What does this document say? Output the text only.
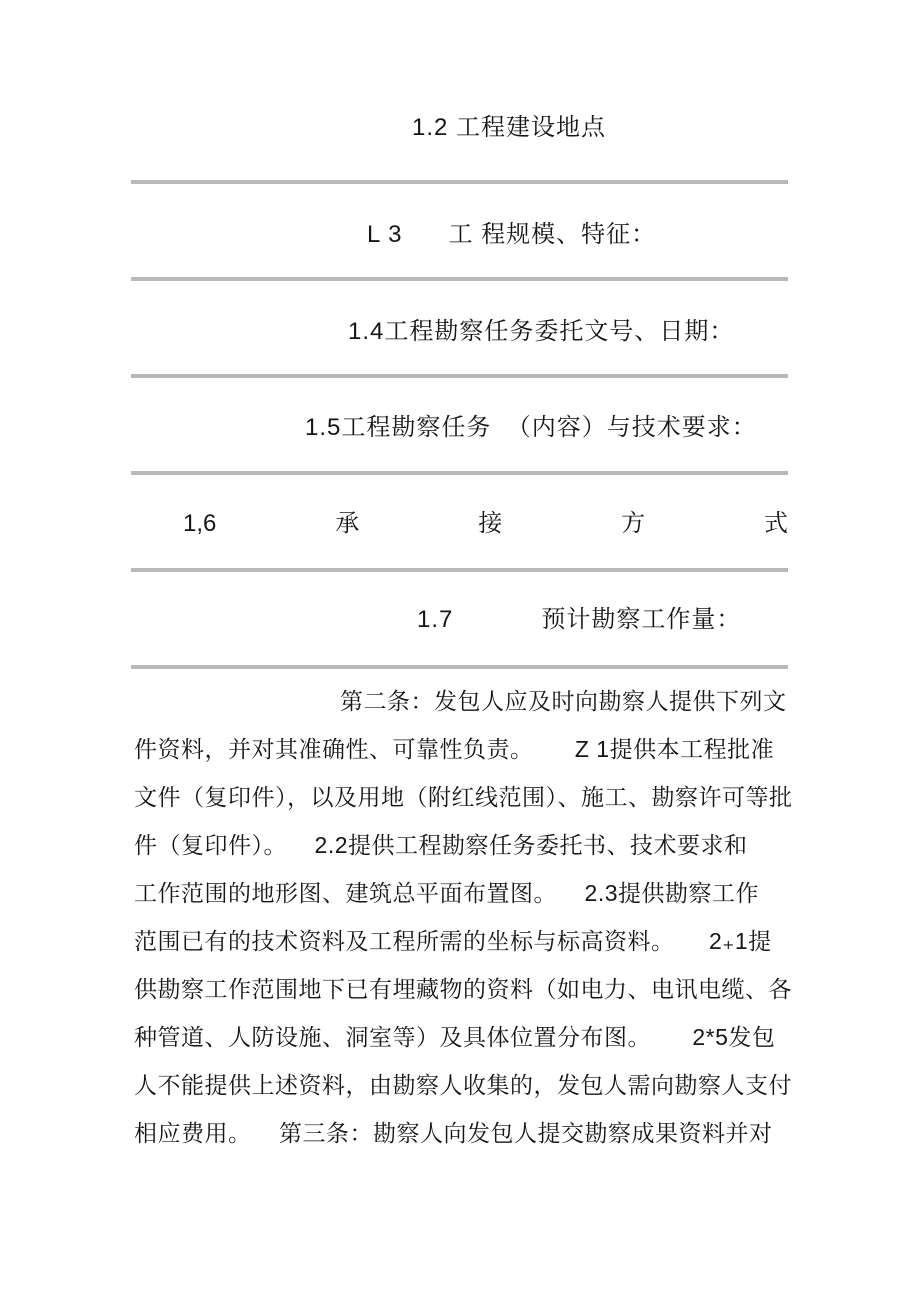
1.2 工程建设地点
L 3      工 程规模、特征：
1.4工程勘察任务委托文号、日期：
1.5工程勘察任务  （内容）与技术要求：
1,6	承	接	方	式
1.7	预计勘察工作量：
第二条：发包人应及时向勘察人提供下列文
件资料，并对其准确性、可靠性负责。      Z 1提供本工程批准
文件（复印件），以及用地（附红线范围）、施工、勘察许可等批
件（复印件）。    2.2提供工程勘察任务委托书、技术要求和
工作范围的地形图、建筑总平面布置图。    2.3提供勘察工作
范围已有的技术资料及工程所需的坐标与标高资料。     2₊1提
供勘察工作范围地下已有埋藏物的资料（如电力、电讯电缆、各
种管道、人防设施、洞室等）及具体位置分布图。      2*5发包
人不能提供上述资料，由勘察人收集的，发包人需向勘察人支付
相应费用。    第三条：勘察人向发包人提交勘察成果资料并对
